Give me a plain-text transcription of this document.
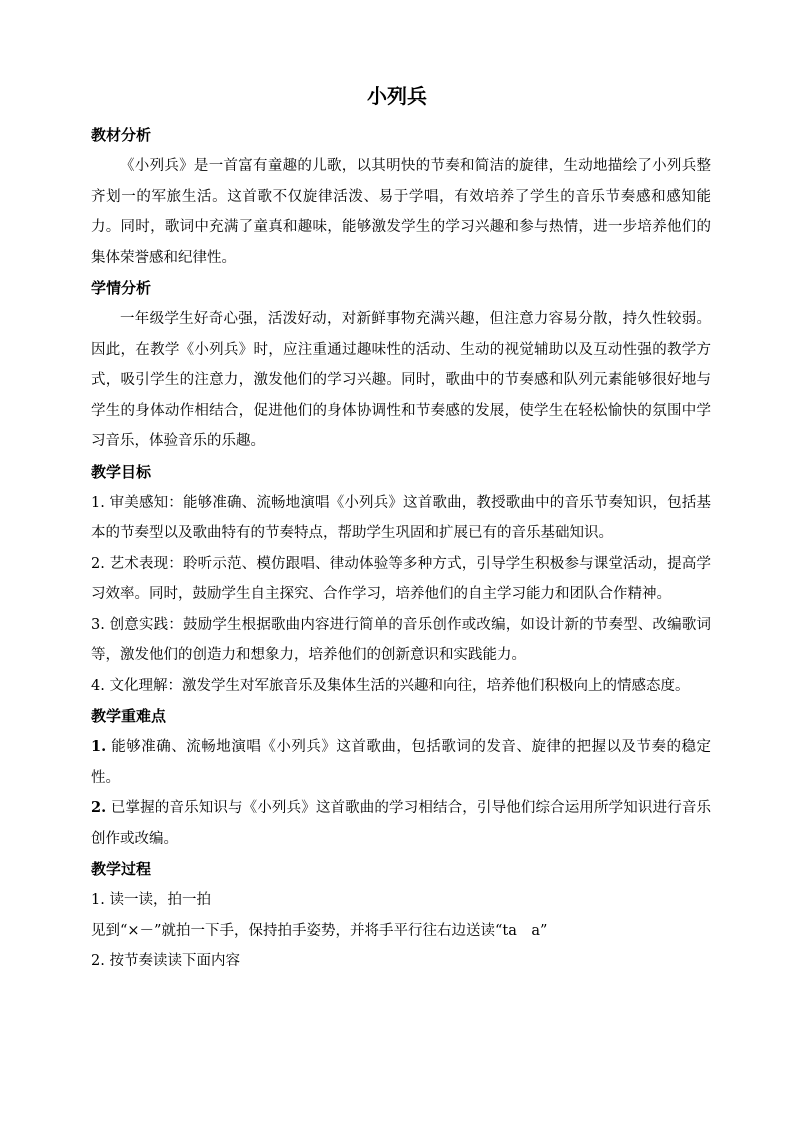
小列兵
教材分析

《小列兵》是一首富有童趣的儿歌，以其明快的节奏和简洁的旋律，生动地描绘了小列兵整齐划一的军旅生活。这首歌不仅旋律活泼、易于学唱，有效培养了学生的音乐节奏感和感知能力。同时，歌词中充满了童真和趣味，能够激发学生的学习兴趣和参与热情，进一步培养他们的集体荣誉感和纪律性。

学情分析

一年级学生好奇心强，活泼好动，对新鲜事物充满兴趣，但注意力容易分散，持久性较弱。因此，在教学《小列兵》时，应注重通过趣味性的活动、生动的视觉辅助以及互动性强的教学方式，吸引学生的注意力，激发他们的学习兴趣。同时，歌曲中的节奏感和队列元素能够很好地与学生的身体动作相结合，促进他们的身体协调性和节奏感的发展，使学生在轻松愉快的氛围中学习音乐，体验音乐的乐趣。

教学目标

1. 审美感知：能够准确、流畅地演唱《小列兵》这首歌曲，教授歌曲中的音乐节奏知识，包括基本的节奏型以及歌曲特有的节奏特点，帮助学生巩固和扩展已有的音乐基础知识。

2. 艺术表现：聆听示范、模仿跟唱、律动体验等多种方式，引导学生积极参与课堂活动，提高学习效率。同时，鼓励学生自主探究、合作学习，培养他们的自主学习能力和团队合作精神。

3. 创意实践：鼓励学生根据歌曲内容进行简单的音乐创作或改编，如设计新的节奏型、改编歌词等，激发他们的创造力和想象力，培养他们的创新意识和实践能力。

4. 文化理解：激发学生对军旅音乐及集体生活的兴趣和向往，培养他们积极向上的情感态度。

教学重难点

1. 能够准确、流畅地演唱《小列兵》这首歌曲，包括歌词的发音、旋律的把握以及节奏的稳定性。

2. 已掌握的音乐知识与《小列兵》这首歌曲的学习相结合，引导他们综合运用所学知识进行音乐创作或改编。

教学过程

1. 读一读，拍一拍

见到“×－”就拍一下手，保持拍手姿势，并将手平行往右边送读“ta　a”

2. 按节奏读读下面内容
